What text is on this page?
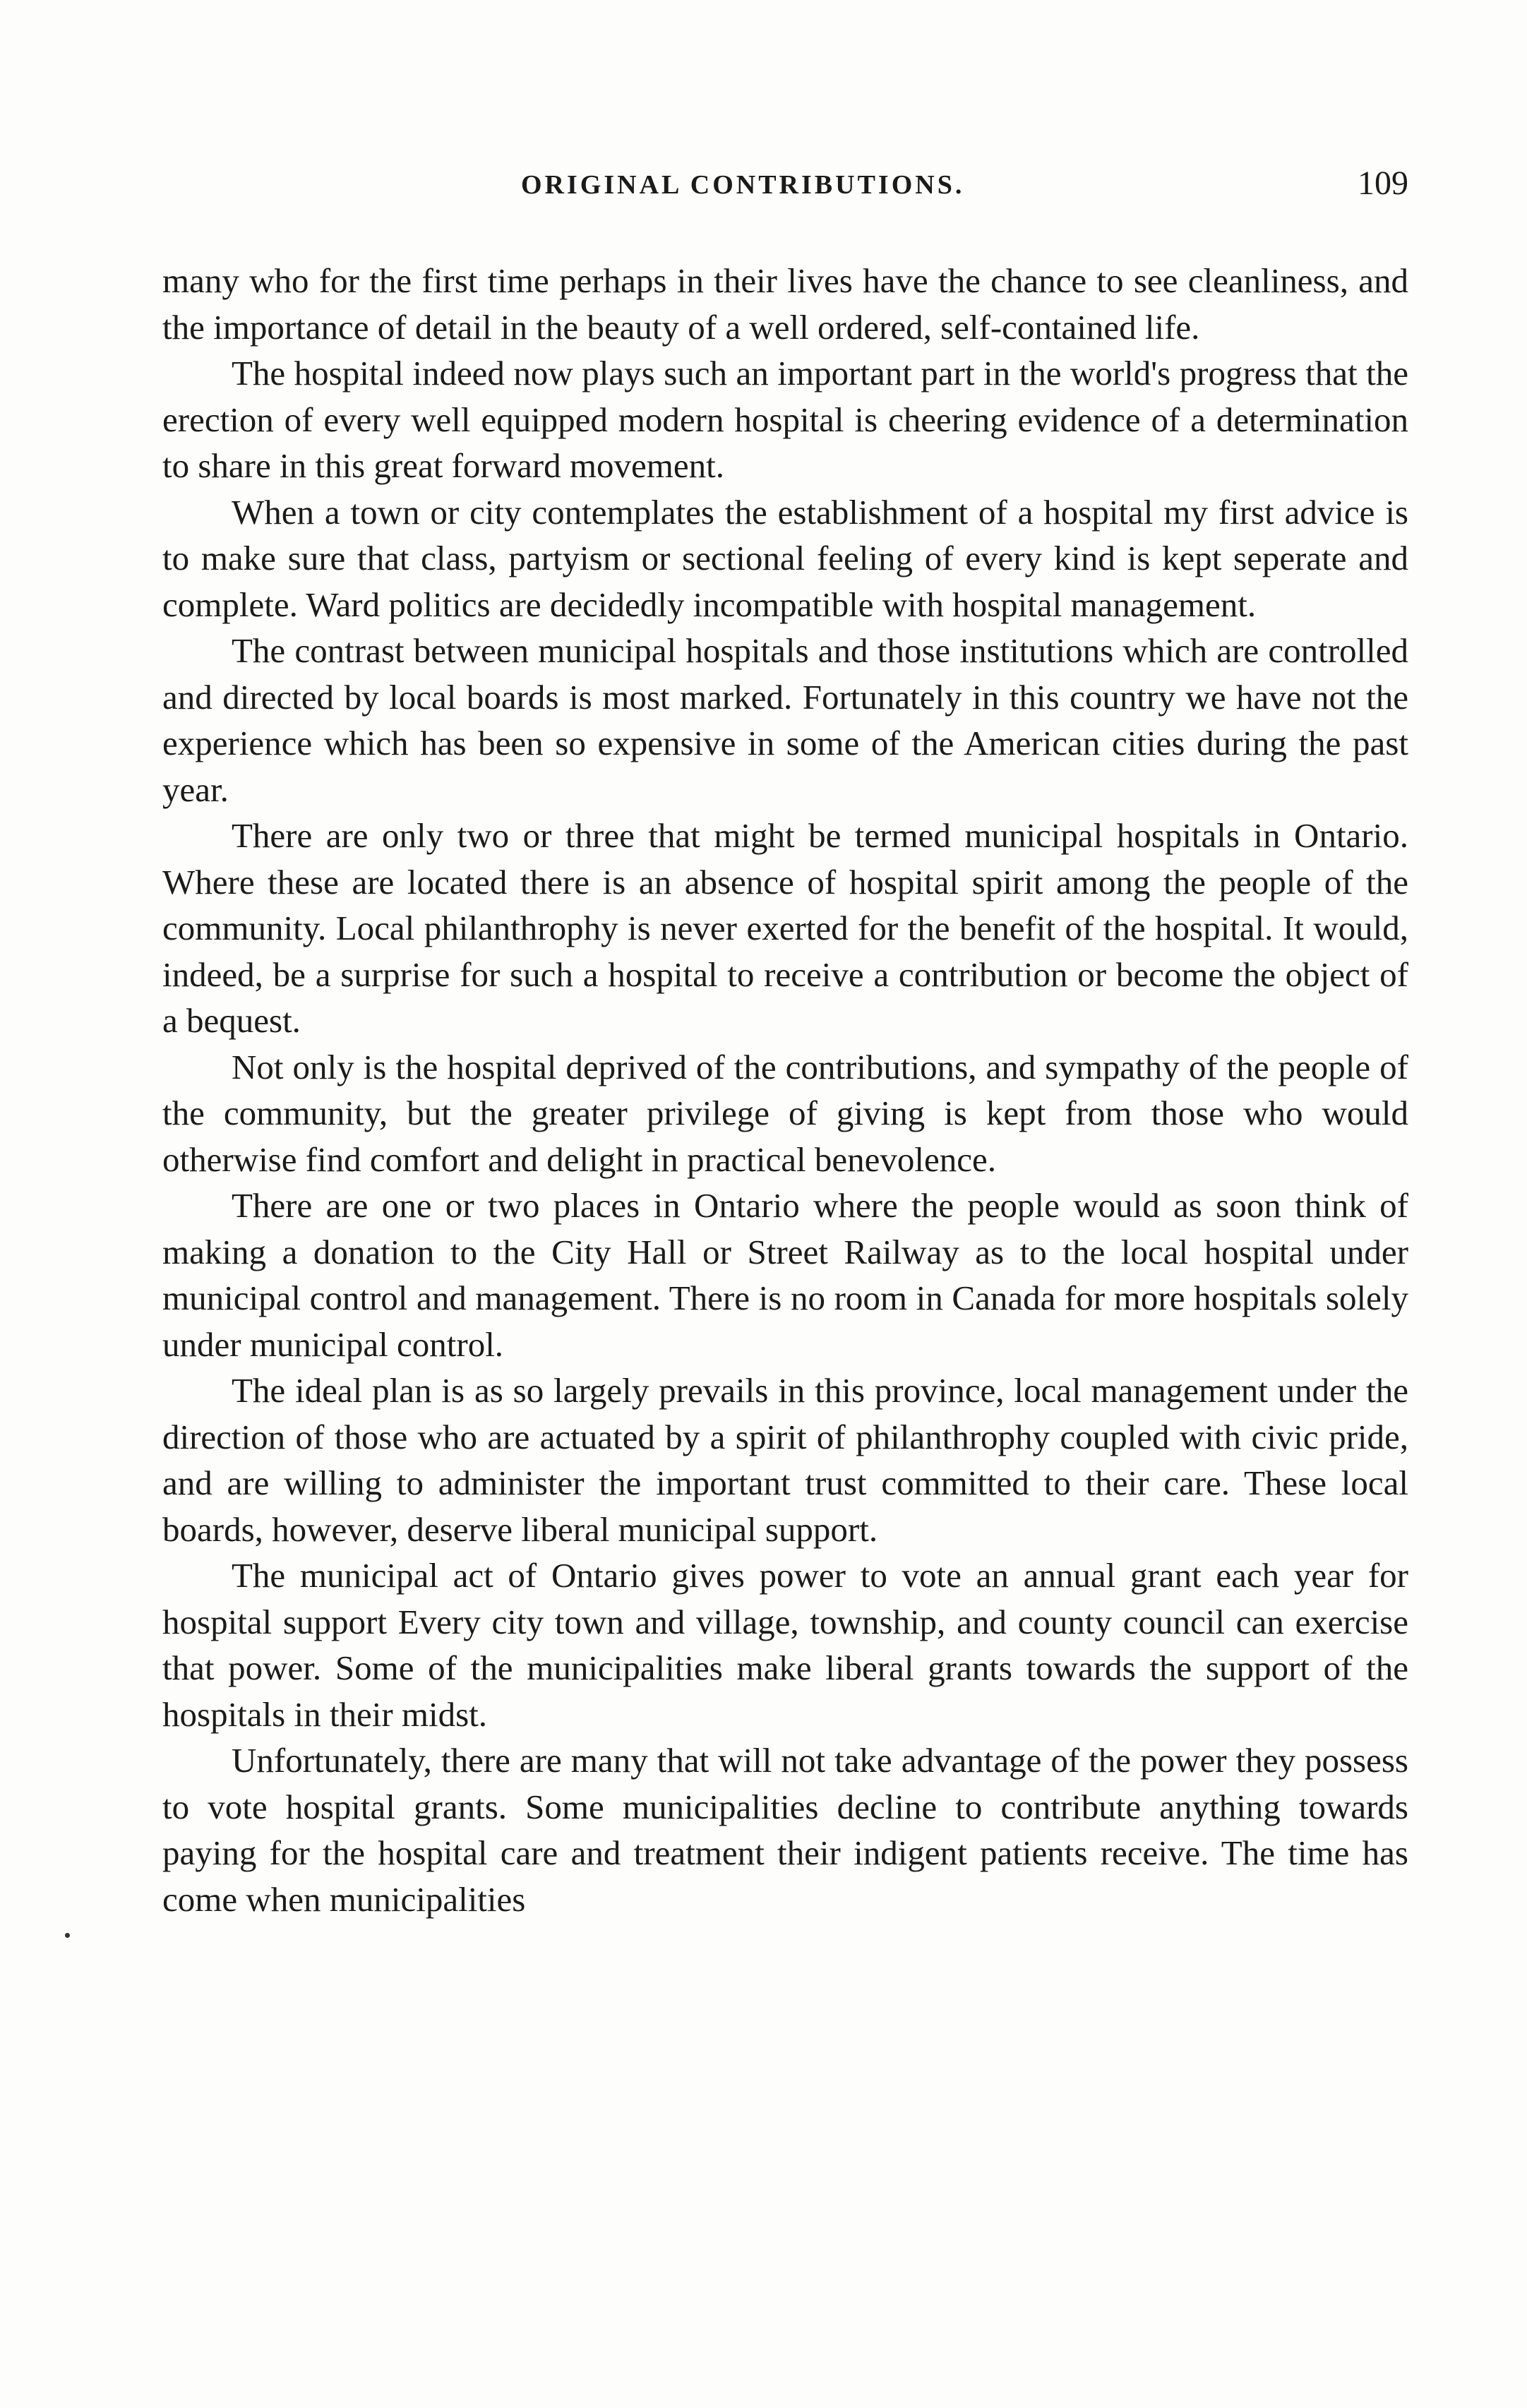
ORIGINAL CONTRIBUTIONS.	109

many who for the first time perhaps in their lives have the chance to see cleanliness, and the importance of detail in the beauty of a well ordered, self-contained life.

The hospital indeed now plays such an important part in the world's progress that the erection of every well equipped modern hospital is cheering evidence of a determination to share in this great forward movement.

When a town or city contemplates the establishment of a hospital my first advice is to make sure that class, partyism or sectional feeling of every kind is kept seperate and complete. Ward politics are decidedly incompatible with hospital management.

The contrast between municipal hospitals and those institutions which are controlled and directed by local boards is most marked. Fortunately in this country we have not the experience which has been so expensive in some of the American cities during the past year.

There are only two or three that might be termed municipal hospitals in Ontario. Where these are located there is an absence of hospital spirit among the people of the community. Local philanthrophy is never exerted for the benefit of the hospital. It would, indeed, be a surprise for such a hospital to receive a contribution or become the object of a bequest.

Not only is the hospital deprived of the contributions, and sympathy of the people of the community, but the greater privilege of giving is kept from those who would otherwise find comfort and delight in practical benevolence.

There are one or two places in Ontario where the people would as soon think of making a donation to the City Hall or Street Railway as to the local hospital under municipal control and management. There is no room in Canada for more hospitals solely under municipal control.

The ideal plan is as so largely prevails in this province, local management under the direction of those who are actuated by a spirit of philanthrophy coupled with civic pride, and are willing to administer the important trust committed to their care. These local boards, however, deserve liberal municipal support.

The municipal act of Ontario gives power to vote an annual grant each year for hospital support Every city town and village, township, and county council can exercise that power. Some of the municipalities make liberal grants towards the support of the hospitals in their midst.

Unfortunately, there are many that will not take advantage of the power they possess to vote hospital grants. Some municipalities decline to contribute anything towards paying for the hospital care and treatment their indigent patients receive. The time has come when municipalities
